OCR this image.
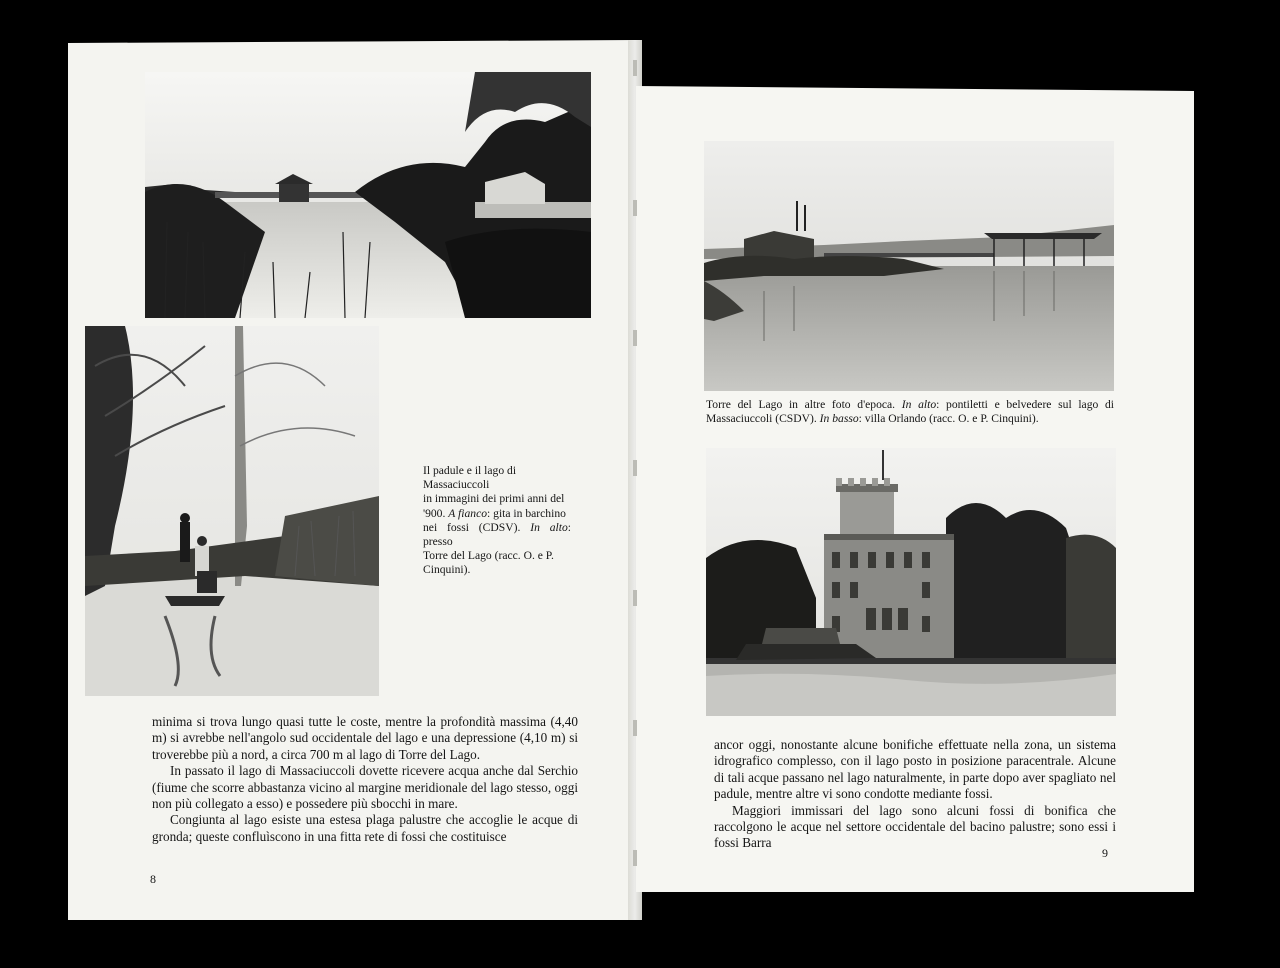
Il padule e il lago di Massaciuccoli

in immagini dei primi anni del

'900. A fianco: gita in barchino

nei fossi (CDSV). In alto: presso

Torre del Lago (racc. O. e P.

Cinquini).

minima si trova lungo quasi tutte le coste, mentre la profondità massima (4,40 m) si avrebbe nell'angolo sud occidentale del lago e una depressione (4,10 m) si troverebbe più a nord, a circa 700 m al lago di Torre del Lago.

In passato il lago di Massaciuccoli dovette ricevere acqua anche dal Serchio (fiume che scorre abbastanza vicino al margine meridionale del lago stesso, oggi non più collegato a esso) e possedere più sbocchi in mare.

Congiunta al lago esiste una estesa plaga palustre che accoglie le acque di gronda; queste confluìscono in una fitta rete di fossi che costituisce

8

Torre del Lago in altre foto d'epoca. In alto: pontiletti e belvedere sul lago di Massaciuccoli (CSDV). In basso: villa Orlando (racc. O. e P. Cinquini).

ancor oggi, nonostante alcune bonifiche effettuate nella zona, un sistema idrografico complesso, con il lago posto in posizione paracentrale. Alcune di tali acque passano nel lago naturalmente, in parte dopo aver spagliato nel padule, mentre altre vi sono condotte mediante fossi.

Maggiori immissari del lago sono alcuni fossi di bonifica che raccolgono le acque nel settore occidentale del bacino palustre; sono essi i fossi Barra

9
